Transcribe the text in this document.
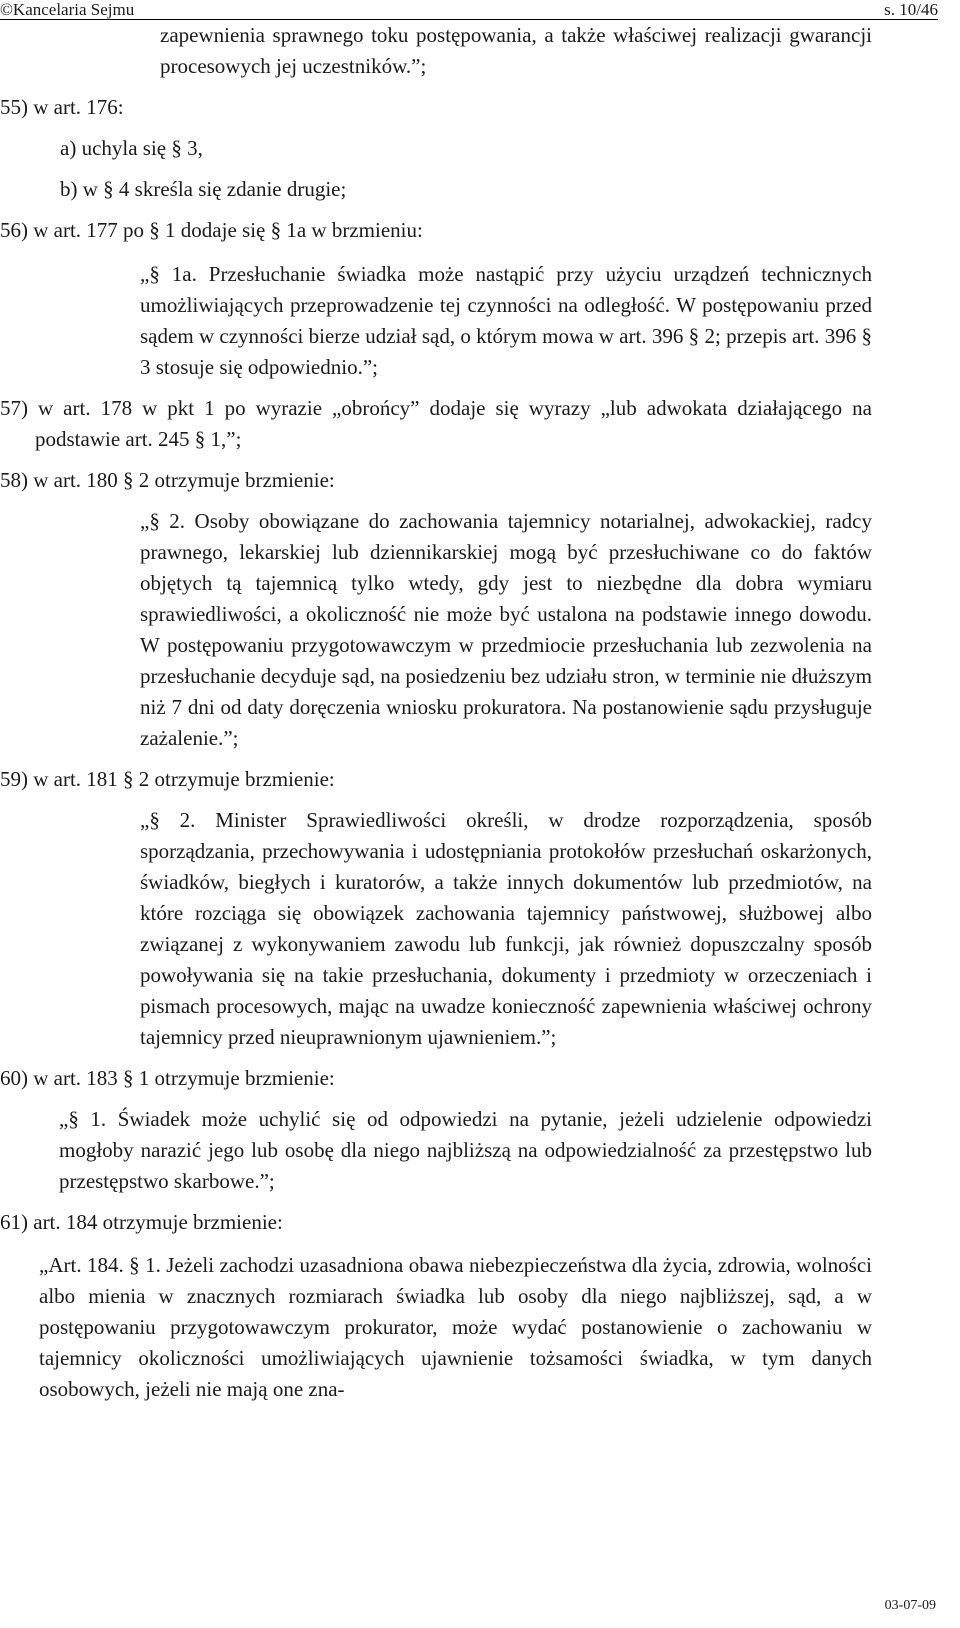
©Kancelaria Sejmu	s. 10/46

zapewnienia sprawnego toku postępowania, a także właściwej realizacji gwarancji procesowych jej uczestników.”;

55) w art. 176:

a) uchyla się § 3,

b) w § 4 skreśla się zdanie drugie;

56) w art. 177 po § 1 dodaje się § 1a w brzmieniu:

„§ 1a. Przesłuchanie świadka może nastąpić przy użyciu urządzeń technicznych umożliwiających przeprowadzenie tej czynności na odległość. W postępowaniu przed sądem w czynności bierze udział sąd, o którym mowa w art. 396 § 2; przepis art. 396 § 3 stosuje się odpowiednio.”;

57) w art. 178 w pkt 1 po wyrazie „obrońcy” dodaje się wyrazy „lub adwokata działającego na podstawie art. 245 § 1,”;

58) w art. 180 § 2 otrzymuje brzmienie:

„§ 2. Osoby obowiązane do zachowania tajemnicy notarialnej, adwokackiej, radcy prawnego, lekarskiej lub dziennikarskiej mogą być przesłuchiwane co do faktów objętych tą tajemnicą tylko wtedy, gdy jest to niezbędne dla dobra wymiaru sprawiedliwości, a okoliczność nie może być ustalona na podstawie innego dowodu. W postępowaniu przygotowawczym w przedmiocie przesłuchania lub zezwolenia na przesłuchanie decyduje sąd, na posiedzeniu bez udziału stron, w terminie nie dłuższym niż 7 dni od daty doręczenia wniosku prokuratora. Na postanowienie sądu przysługuje zażalenie.”;

59) w art. 181 § 2 otrzymuje brzmienie:

„§ 2. Minister Sprawiedliwości określi, w drodze rozporządzenia, sposób sporządzania, przechowywania i udostępniania protokołów przesłuchań oskarżonych, świadków, biegłych i kuratorów, a także innych dokumentów lub przedmiotów, na które rozciąga się obowiązek zachowania tajemnicy państwowej, służbowej albo związanej z wykonywaniem zawodu lub funkcji, jak również dopuszczalny sposób powoływania się na takie przesłuchania, dokumenty i przedmioty w orzeczeniach i pismach procesowych, mając na uwadze konieczność zapewnienia właściwej ochrony tajemnicy przed nieuprawnionym ujawnieniem.”;

60) w art. 183 § 1 otrzymuje brzmienie:

„§ 1. Świadek może uchylić się od odpowiedzi na pytanie, jeżeli udzielenie odpowiedzi mogłoby narazić jego lub osobę dla niego najbliższą na odpowiedzialność za przestępstwo lub przestępstwo skarbowe.”;

61) art. 184 otrzymuje brzmienie:

„Art. 184. § 1. Jeżeli zachodzi uzasadniona obawa niebezpieczeństwa dla życia, zdrowia, wolności albo mienia w znacznych rozmiarach świadka lub osoby dla niego najbliższej, sąd, a w postępowaniu przygotowawczym prokurator, może wydać postanowienie o zachowaniu w tajemnicy okoliczności umożliwiających ujawnienie tożsamości świadka, w tym danych osobowych, jeżeli nie mają one zna-

03-07-09
